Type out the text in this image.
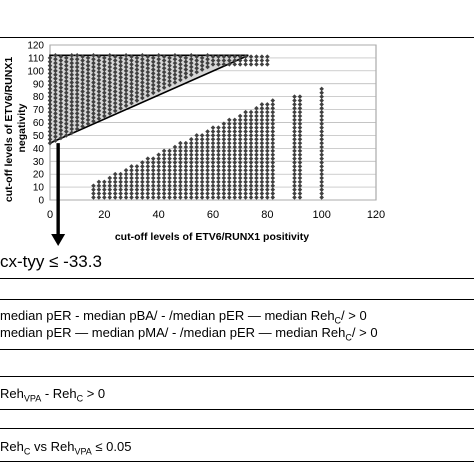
0	20	40	60	80	100	120
0
10
20
30
40
50
60
70
80
90
100
110
120
cut-off levels of ETV6/RUNX1 positivity
cut-off levels of ETV6/RUNX1 negativity
cx-tyy ≤ -33.3
median pER - median pBA/ - /median pER — median Reh$_C$/ > 0
median pER — median pMA/ - /median pER — median Reh$_C$/ > 0
Reh$_{VPA}$ - Reh$_C$ > 0
Reh$_C$ vs Reh$_{VPA}$ ≤ 0.05
